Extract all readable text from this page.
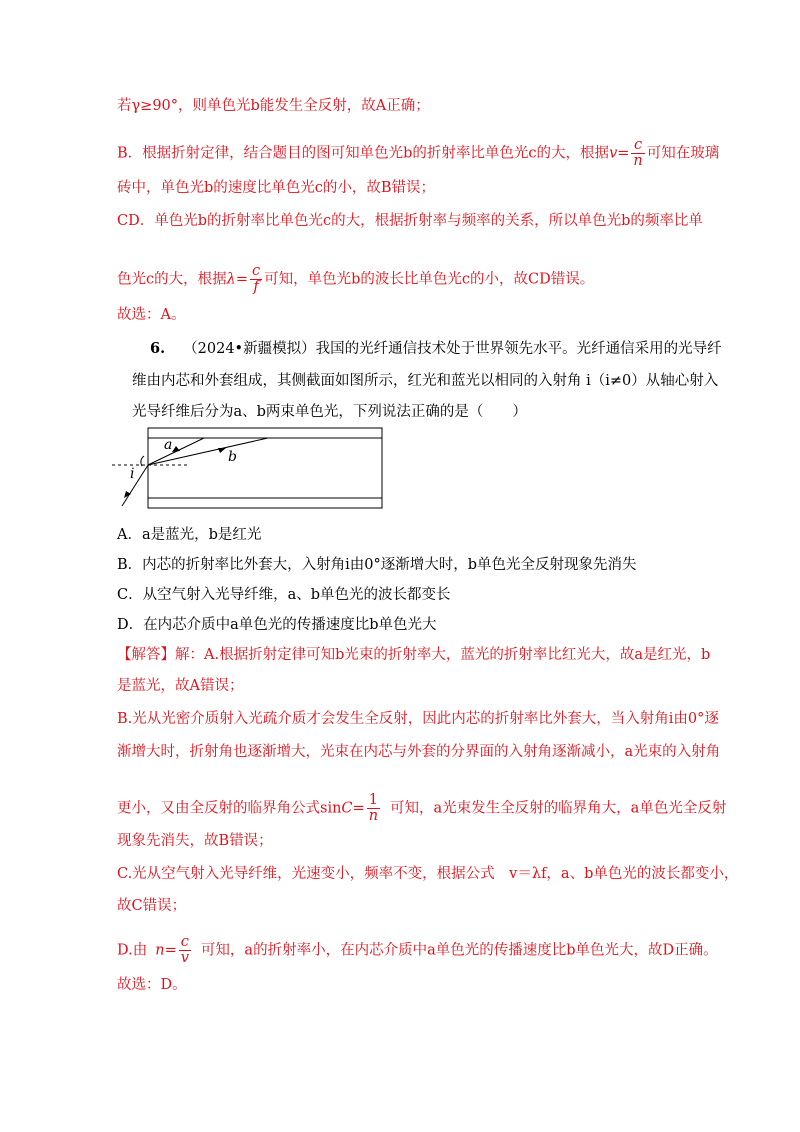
若γ≥90°，则单色光b能发生全反射，故A正确；
B．根据折射定律，结合题目的图可知单色光b的折射率比单色光c的大，根据$v= \frac{c}{n}$ 可知在玻璃
砖中，单色光b的速度比单色光c的小，故B错误；
CD．单色光b的折射率比单色光c的大，根据折射率与频率的关系，所以单色光b的频率比单
色光c的大，根据$\lambda= \frac{c}{f}$ 可知，单色光b的波长比单色光c的小，故CD错误。
故选：A。
6. （2024•新疆模拟）我国的光纤通信技术处于世界领先水平。光纤通信采用的光导纤
维由内芯和外套组成，其侧截面如图所示，红光和蓝光以相同的入射角 i（i≠0）从轴心射入
光导纤维后分为a、b两束单色光，下列说法正确的是（　　）
a
b
i
A．a是蓝光，b是红光
B．内芯的折射率比外套大，入射角i由0°逐渐增大时，b单色光全反射现象先消失
C．从空气射入光导纤维，a、b单色光的波长都变长
D．在内芯介质中a单色光的传播速度比b单色光大
【解答】解：A.根据折射定律可知b光束的折射率大，蓝光的折射率比红光大，故a是红光，b
是蓝光，故A错误；
B.光从光密介质射入光疏介质才会发生全反射，因此内芯的折射率比外套大，当入射角i由0°逐
渐增大时，折射角也逐渐增大，光束在内芯与外套的分界面的入射角逐渐减小，a光束的入射角
更小，又由全反射的临界角公式$\sin C= \frac{1}{n}$ 可知，a光束发生全反射的临界角大，a单色光全反射
现象先消失，故B错误；
C.光从空气射入光导纤维，光速变小，频率不变，根据公式　v＝λf，a、b单色光的波长都变小，
故C错误；
D.由 $n= \frac{c}{v}$ 可知，a的折射率小，在内芯介质中a单色光的传播速度比b单色光大，故D正确。
故选：D。
